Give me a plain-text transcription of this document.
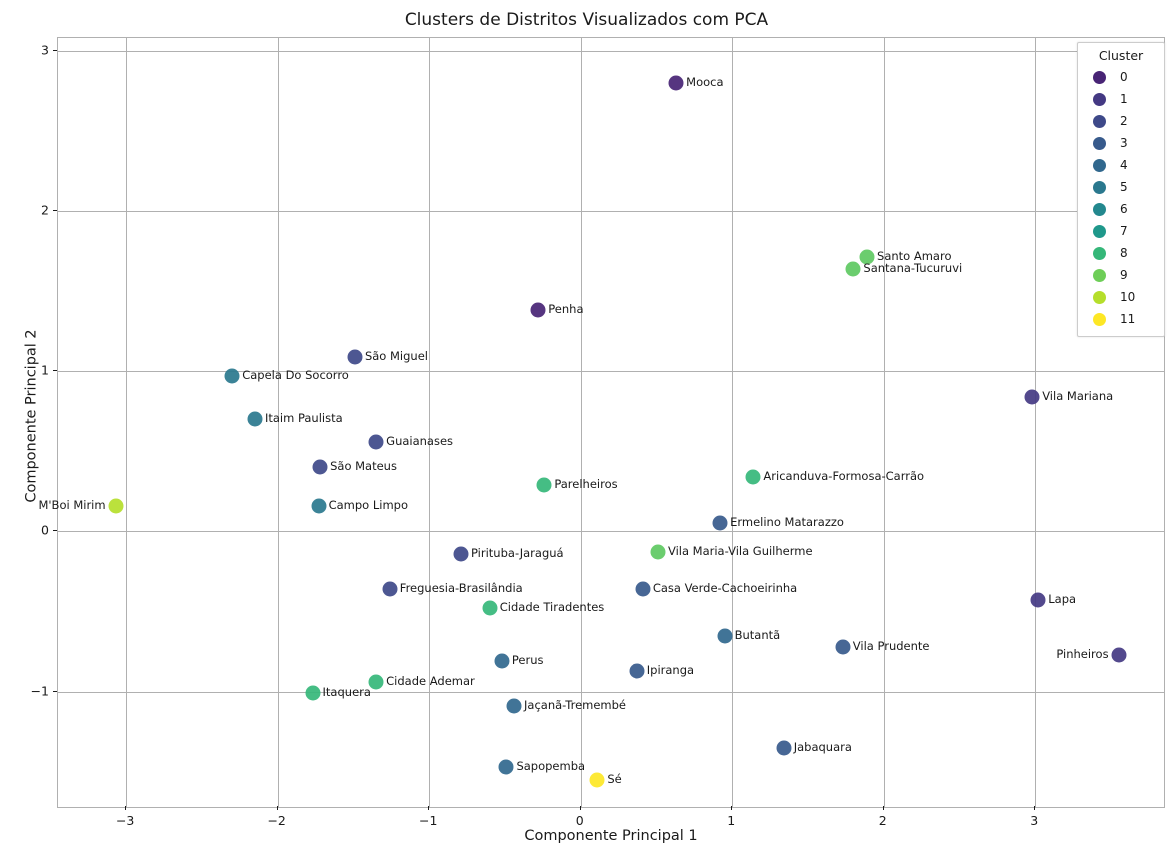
Clusters de Distritos Visualizados com PCA
Mooca
Santo Amaro
Santana-Tucuruvi
Penha
São Miguel
Capela Do Socorro
Vila Mariana
Itaim Paulista
Guaianases
São Mateus
Aricanduva-Formosa-Carrão
Parelheiros
M'Boi Mirim	Campo Limpo
Ermelino Matarazzo
Vila Maria-Vila Guilherme
Pirituba-Jaraguá
Casa Verde-Cachoeirinha
Freguesia-Brasilândia
Lapa
Cidade Tiradentes
Butantã
Vila Prudente
Pinheiros
Perus
Ipiranga
Cidade Ademar
Itaquera
Jaçanã-Tremembé
Jabaquara
Sapopemba
Sé
Componente Principal 1
Componente Principal 2
Cluster
0
1
2
3
4
5
6
7
8
9
10
11
−3	−2	−1	0	1	2	3
−1
0
1
2
3
